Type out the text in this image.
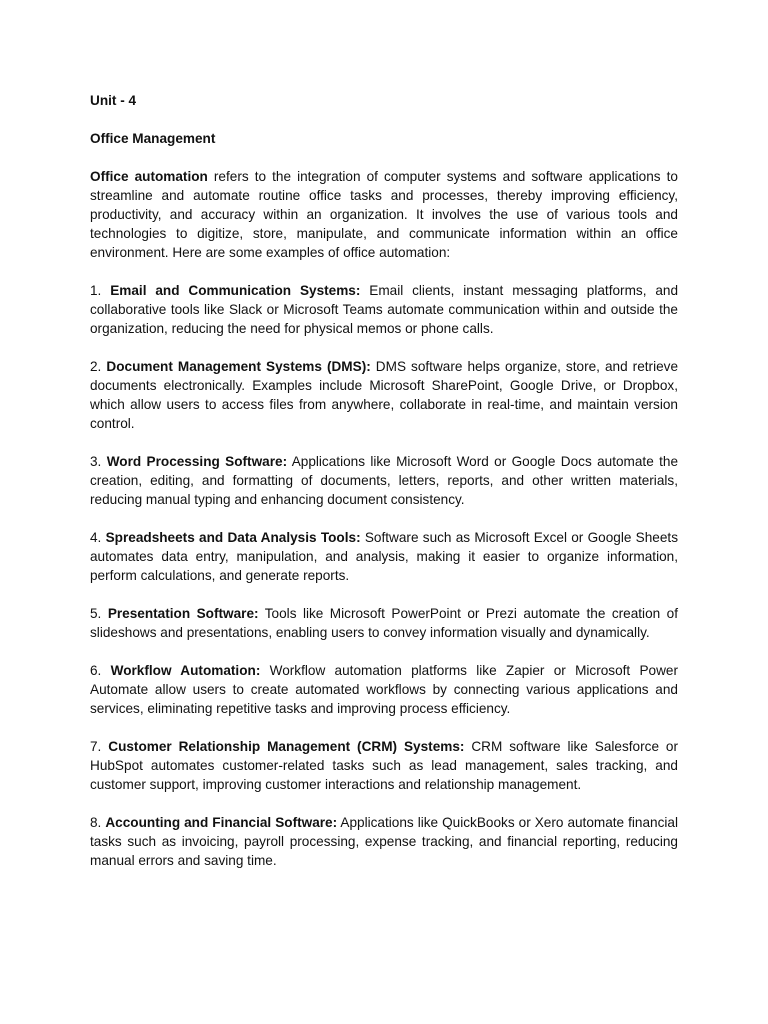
Unit - 4

Office Management

Office automation refers to the integration of computer systems and software applications to streamline and automate routine office tasks and processes, thereby improving efficiency, productivity, and accuracy within an organization. It involves the use of various tools and technologies to digitize, store, manipulate, and communicate information within an office environment. Here are some examples of office automation:

1. Email and Communication Systems: Email clients, instant messaging platforms, and collaborative tools like Slack or Microsoft Teams automate communication within and outside the organization, reducing the need for physical memos or phone calls.

2. Document Management Systems (DMS): DMS software helps organize, store, and retrieve documents electronically. Examples include Microsoft SharePoint, Google Drive, or Dropbox, which allow users to access files from anywhere, collaborate in real-time, and maintain version control.

3. Word Processing Software: Applications like Microsoft Word or Google Docs automate the creation, editing, and formatting of documents, letters, reports, and other written materials, reducing manual typing and enhancing document consistency.

4. Spreadsheets and Data Analysis Tools: Software such as Microsoft Excel or Google Sheets automates data entry, manipulation, and analysis, making it easier to organize information, perform calculations, and generate reports.

5. Presentation Software: Tools like Microsoft PowerPoint or Prezi automate the creation of slideshows and presentations, enabling users to convey information visually and dynamically.

6. Workflow Automation: Workflow automation platforms like Zapier or Microsoft Power Automate allow users to create automated workflows by connecting various applications and services, eliminating repetitive tasks and improving process efficiency.

7. Customer Relationship Management (CRM) Systems: CRM software like Salesforce or HubSpot automates customer-related tasks such as lead management, sales tracking, and customer support, improving customer interactions and relationship management.

8. Accounting and Financial Software: Applications like QuickBooks or Xero automate financial tasks such as invoicing, payroll processing, expense tracking, and financial reporting, reducing manual errors and saving time.
